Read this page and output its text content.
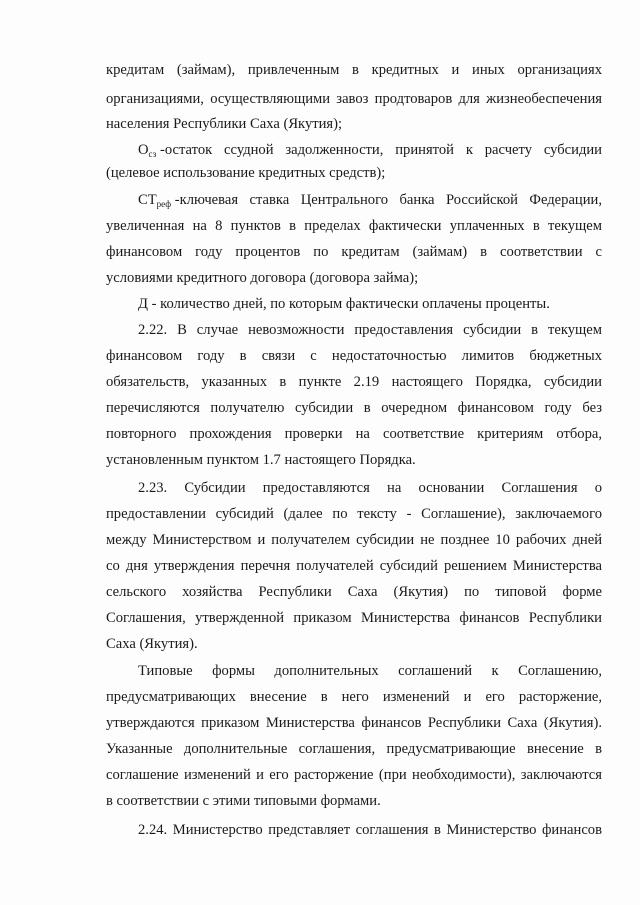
кредитам (займам), привлеченным в кредитных и иных организациях
организациями, осуществляющими завоз продтоваров для жизнеобеспечения
населения Республики Саха (Якутия);
$О_{сз}$ - остаток ссудной задолженности, принятой к расчету субсидии
(целевое использование кредитных средств);
$СТ_{реф}$ - ключевая ставка Центрального банка Российской Федерации,
увеличенная на 8 пунктов в пределах фактически уплаченных в текущем
финансовом году процентов по кредитам (займам) в соответствии с
условиями кредитного договора (договора займа);
Д - количество дней, по которым фактически оплачены проценты.
2.22. В случае невозможности предоставления субсидии в текущем
финансовом году в связи с недостаточностью лимитов бюджетных
обязательств, указанных в пункте 2.19 настоящего Порядка, субсидии
перечисляются получателю субсидии в очередном финансовом году без
повторного прохождения проверки на соответствие критериям отбора,
установленным пунктом 1.7 настоящего Порядка.
2.23. Субсидии предоставляются на основании Соглашения о
предоставлении субсидий (далее по тексту - Соглашение), заключаемого
между Министерством и получателем субсидии не позднее 10 рабочих дней
со дня утверждения перечня получателей субсидий решением Министерства
сельского хозяйства Республики Саха (Якутия) по типовой форме
Соглашения, утвержденной приказом Министерства финансов Республики
Саха (Якутия).
Типовые формы дополнительных соглашений к Соглашению,
предусматривающих внесение в него изменений и его расторжение,
утверждаются приказом Министерства финансов Республики Саха (Якутия).
Указанные дополнительные соглашения, предусматривающие внесение в
соглашение изменений и его расторжение (при необходимости), заключаются
в соответствии с этими типовыми формами.
2.24. Министерство представляет соглашения в Министерство финансов
